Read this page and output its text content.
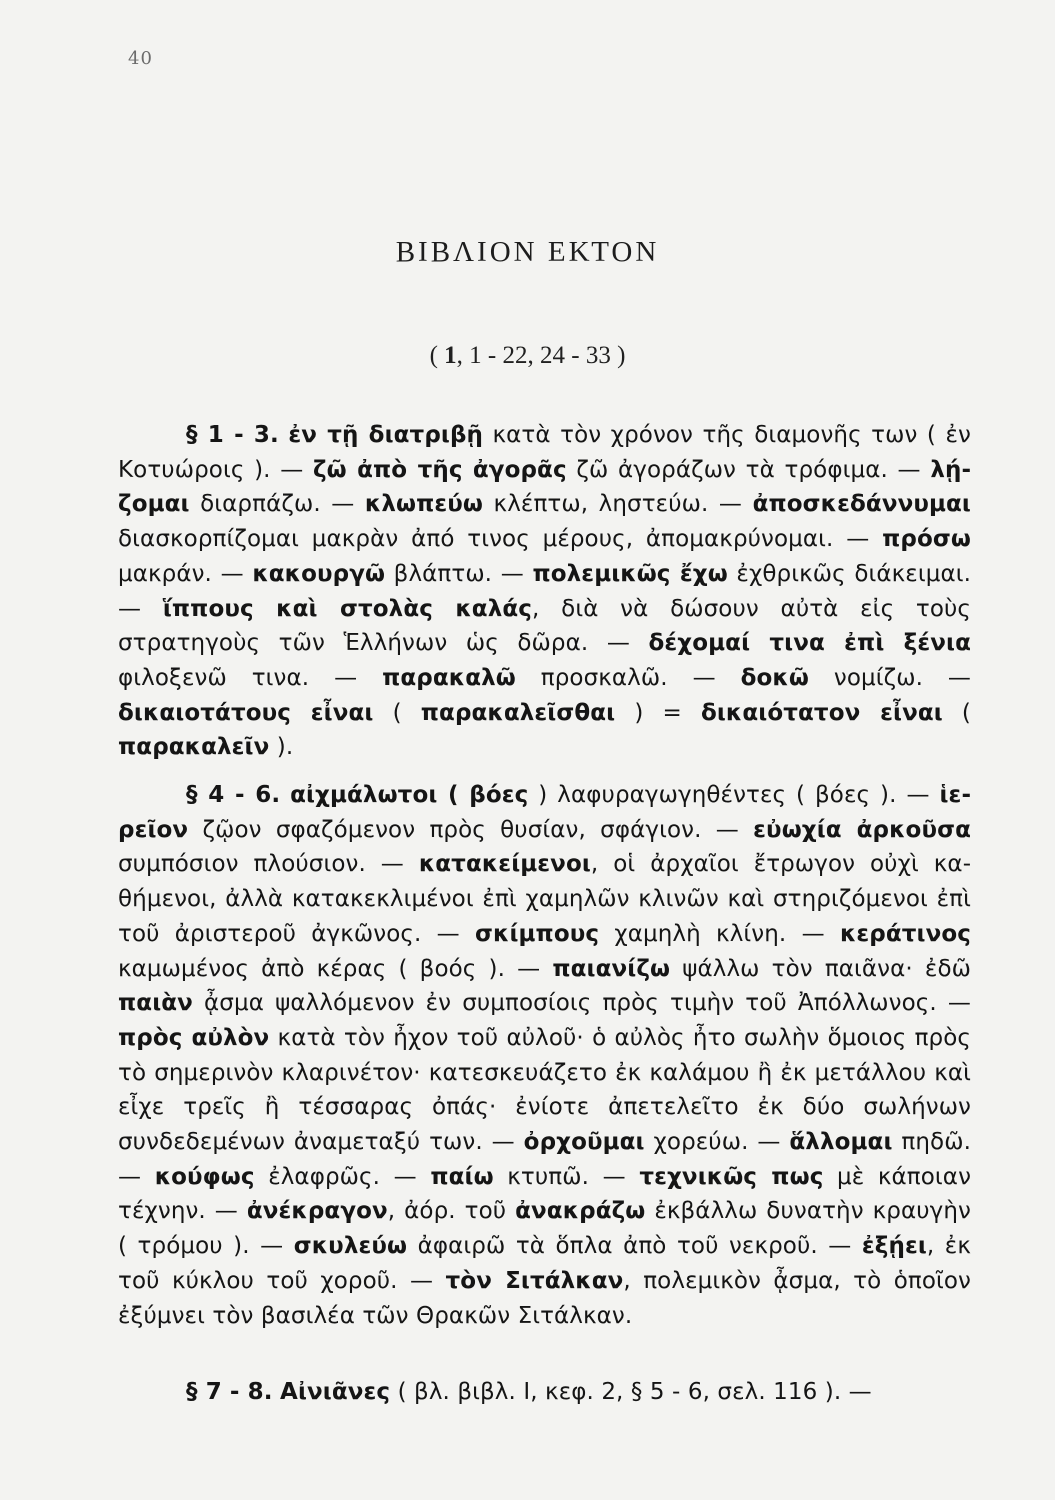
40
ΒΙΒΛΙΟΝ ΕΚΤΟΝ
( 1, 1 - 22, 24 - 33 )

§ 1 - 3. ἐν τῇ διατριβῇ κατὰ τὸν χρόνον τῆς διαμονῆς των ( ἐν Κοτυώροις ). — ζῶ ἀπὸ τῆς ἀγορᾶς ζῶ ἀγοράζων τὰ τρόφιμα. — λῄζομαι διαρπάζω. — κλωπεύω κλέπτω, ληστεύω. — ἀποσκεδάννυμαι διασκορπίζομαι μακρὰν ἀπό τινος μέρους, ἀπομακρύνομαι. — πρόσω μακράν. — κακουργῶ βλάπτω. — πολεμικῶς ἔχω ἐχθρικῶς διάκειμαι. — ἵππους καὶ στολὰς καλάς, διὰ νὰ δώσουν αὐτὰ εἰς τοὺς στρατηγοὺς τῶν Ἑλλήνων ὡς δῶρα. — δέχομαί τινα ἐπὶ ξένια φιλοξενῶ τινα. — παρακαλῶ προσκαλῶ. — δοκῶ νομίζω. — δικαιοτάτους εἶναι ( παρακαλεῖσθαι ) = δικαιότατον εἶναι ( παρακαλεῖν ).

§ 4 - 6. αἰχμάλωτοι ( βόες ) λαφυραγωγηθέντες ( βόες ). — ἱερεῖον ζῷον σφαζόμενον πρὸς θυσίαν, σφάγιον. — εὐωχία ἀρκοῦσα συμπόσιον πλούσιον. — κατακείμενοι, οἱ ἀρχαῖοι ἔτρωγον οὐχὶ καθήμενοι, ἀλλὰ κατακεκλιμένοι ἐπὶ χαμηλῶν κλινῶν καὶ στηριζόμενοι ἐπὶ τοῦ ἀριστεροῦ ἀγκῶνος. — σκίμπους χαμηλὴ κλίνη. — κεράτινος καμωμένος ἀπὸ κέρας ( βοός ). — παιανίζω ψάλλω τὸν παιᾶνα· ἐδῶ παιὰν ᾆσμα ψαλλόμενον ἐν συμποσίοις πρὸς τιμὴν τοῦ Ἀπόλλωνος. — πρὸς αὐλὸν κατὰ τὸν ἦχον τοῦ αὐλοῦ· ὁ αὐλὸς ἦτο σωλὴν ὅμοιος πρὸς τὸ σημερινὸν κλαρινέτον· κατεσκευάζετο ἐκ καλάμου ἢ ἐκ μετάλλου καὶ εἶχε τρεῖς ἢ τέσσαρας ὀπάς· ἐνίοτε ἀπετελεῖτο ἐκ δύο σωλήνων συνδεδεμένων ἀναμεταξύ των. — ὀρχοῦμαι χορεύω. — ἅλλομαι πηδῶ. — κούφως ἐλαφρῶς. — παίω κτυπῶ. — τεχνικῶς πως μὲ κάποιαν τέχνην. — ἀνέκραγον, ἀόρ. τοῦ ἀνακράζω ἐκβάλλω δυνατὴν κραυγὴν ( τρόμου ). — σκυλεύω ἀφαιρῶ τὰ ὅπλα ἀπὸ τοῦ νεκροῦ. — ἐξῄει, ἐκ τοῦ κύκλου τοῦ χοροῦ. — τὸν Σιτάλκαν, πολεμικὸν ᾆσμα, τὸ ὁποῖον ἐξύμνει τὸν βασιλέα τῶν Θρακῶν Σιτάλκαν.

§ 7 - 8. Αἰνιᾶνες ( βλ. βιβλ. Ι, κεφ. 2, § 5 - 6, σελ. 116 ). —
